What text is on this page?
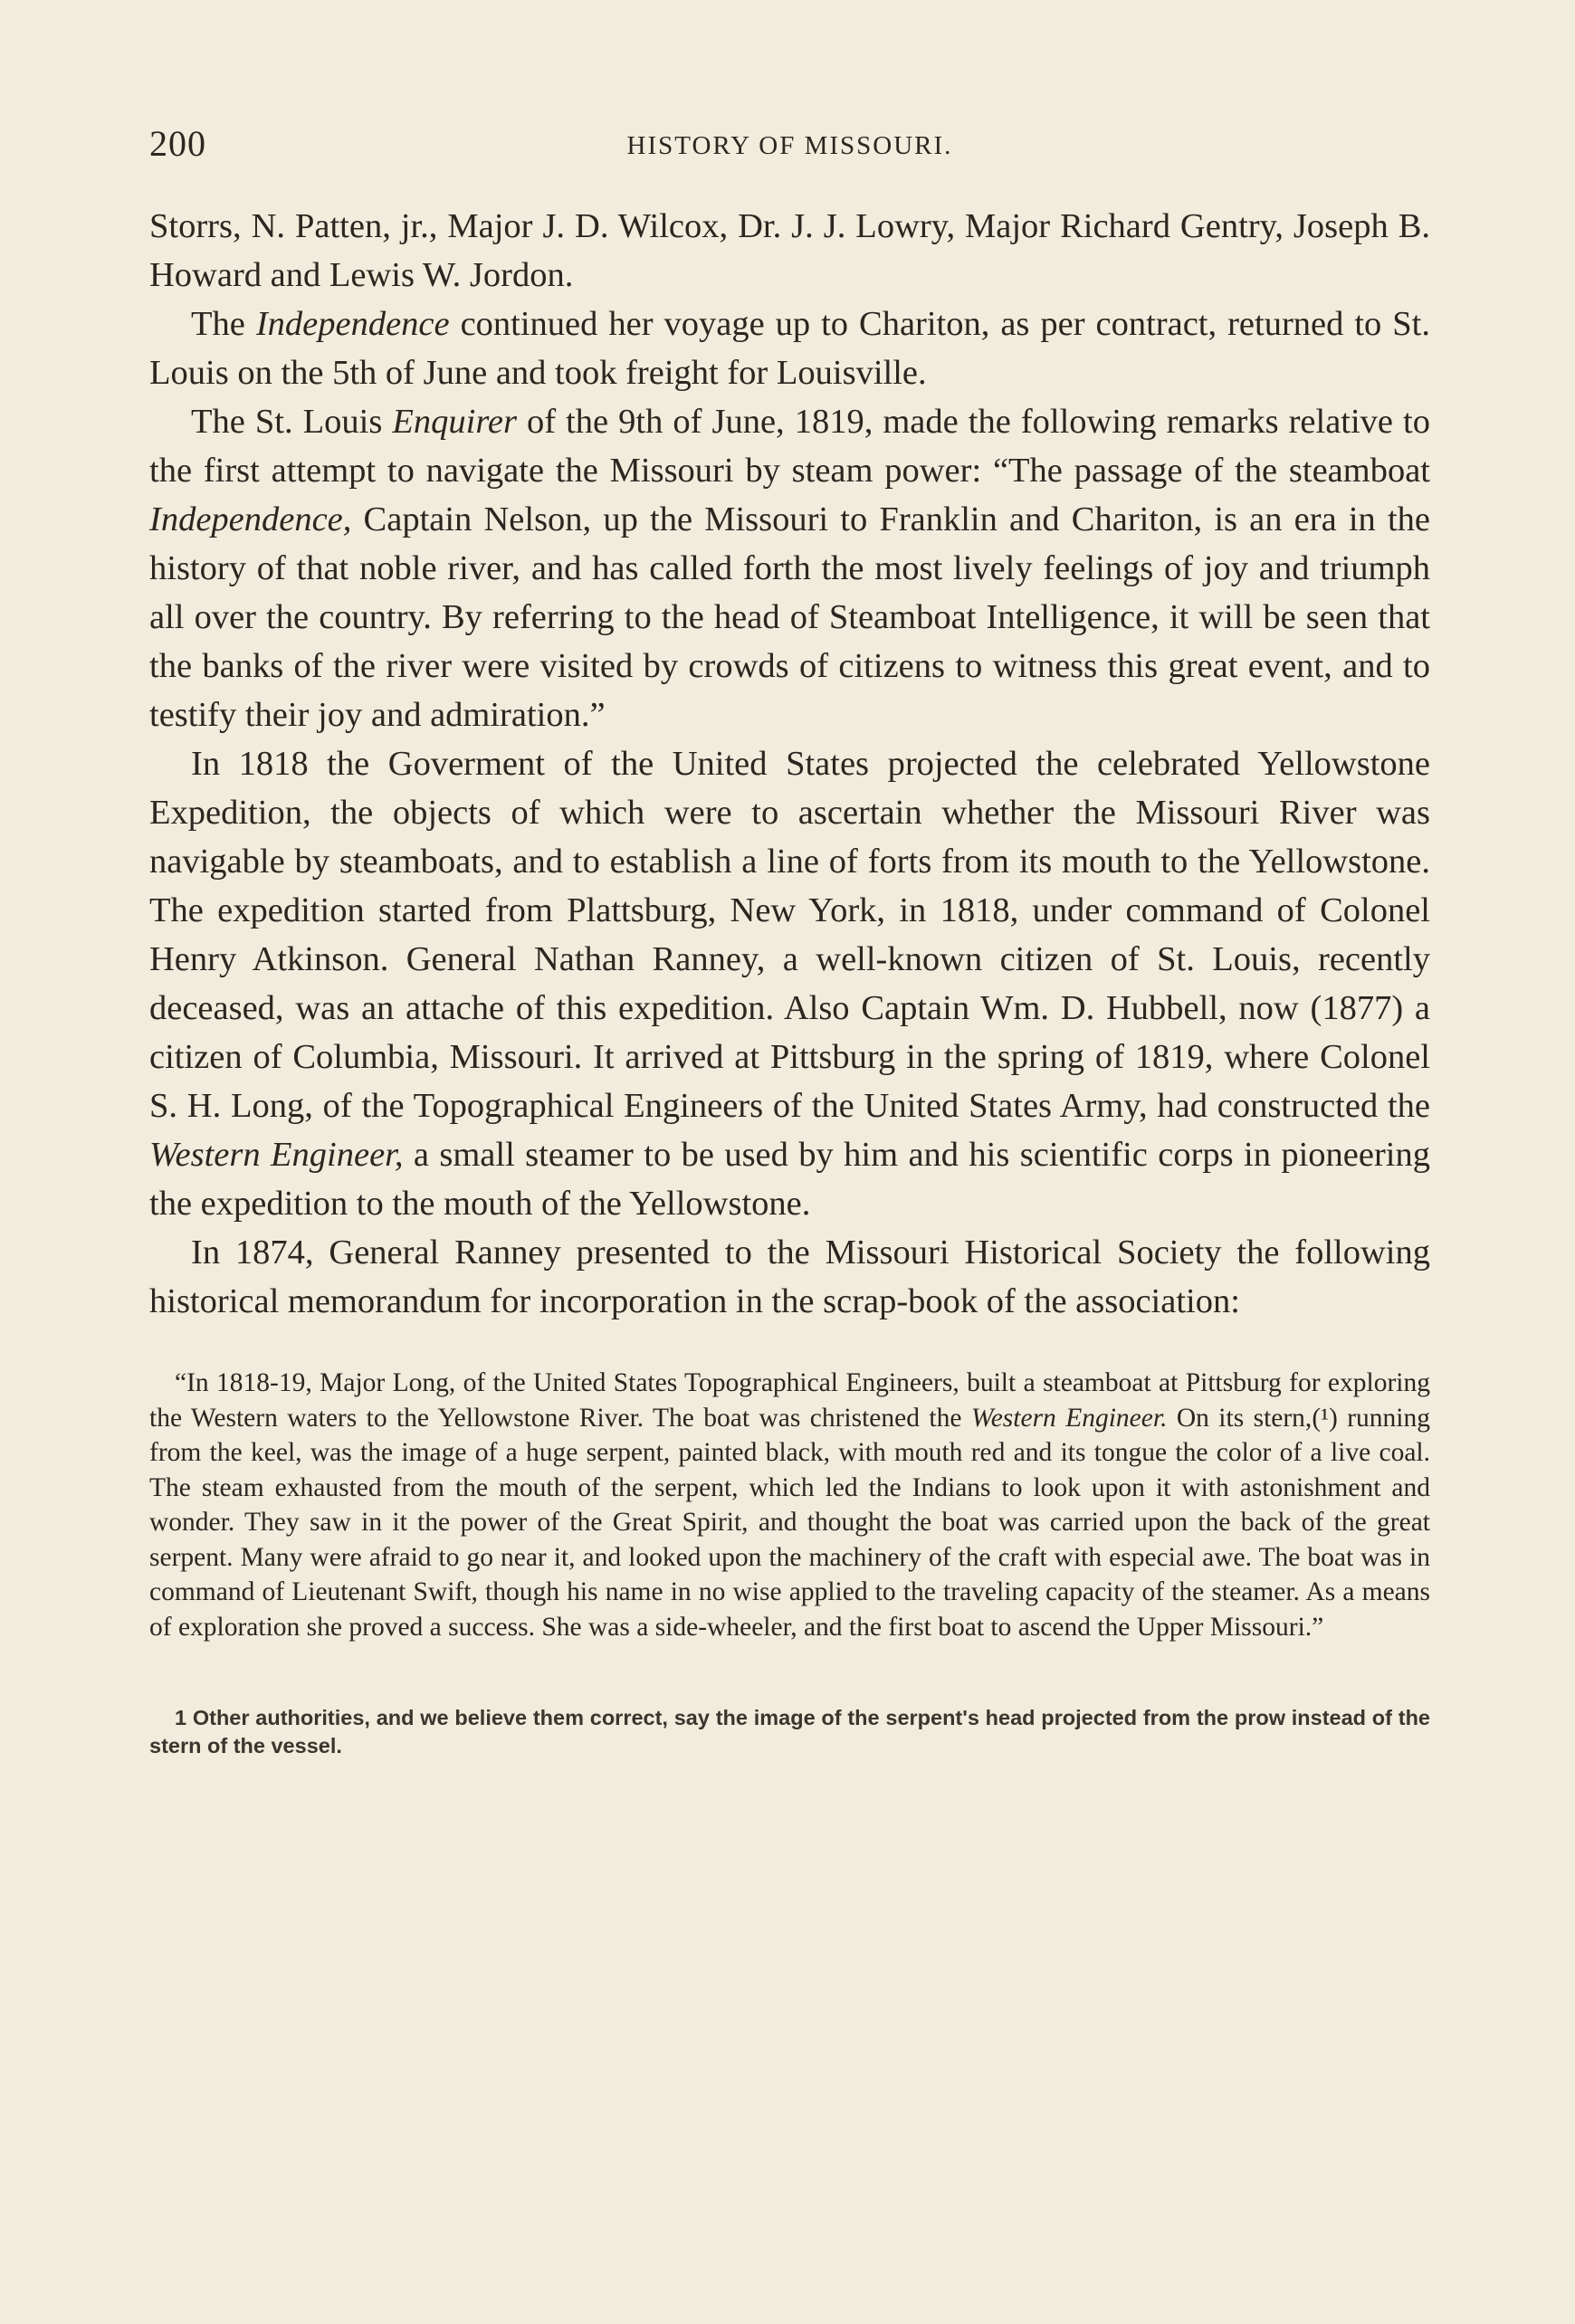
200	HISTORY OF MISSOURI.

Storrs, N. Patten, jr., Major J. D. Wilcox, Dr. J. J. Lowry, Major Richard Gentry, Joseph B. Howard and Lewis W. Jordon.

The Independence continued her voyage up to Chariton, as per contract, returned to St. Louis on the 5th of June and took freight for Louisville.

The St. Louis Enquirer of the 9th of June, 1819, made the following remarks relative to the first attempt to navigate the Missouri by steam power: “The passage of the steamboat Independence, Captain Nelson, up the Missouri to Franklin and Chariton, is an era in the history of that noble river, and has called forth the most lively feelings of joy and triumph all over the country. By referring to the head of Steamboat Intelligence, it will be seen that the banks of the river were visited by crowds of citizens to witness this great event, and to testify their joy and admiration.”

In 1818 the Goverment of the United States projected the celebrated Yellowstone Expedition, the objects of which were to ascertain whether the Missouri River was navigable by steamboats, and to establish a line of forts from its mouth to the Yellowstone. The expedition started from Plattsburg, New York, in 1818, under command of Colonel Henry Atkinson. General Nathan Ranney, a well-known citizen of St. Louis, recently deceased, was an attache of this expedition. Also Captain Wm. D. Hubbell, now (1877) a citizen of Columbia, Missouri. It arrived at Pittsburg in the spring of 1819, where Colonel S. H. Long, of the Topographical Engineers of the United States Army, had constructed the Western Engineer, a small steamer to be used by him and his scientific corps in pioneering the expedition to the mouth of the Yellowstone.

In 1874, General Ranney presented to the Missouri Historical Society the following historical memorandum for incorporation in the scrap-book of the association:

“In 1818-19, Major Long, of the United States Topographical Engineers, built a steamboat at Pittsburg for exploring the Western waters to the Yellowstone River. The boat was christened the Western Engineer. On its stern,(¹) running from the keel, was the image of a huge serpent, painted black, with mouth red and its tongue the color of a live coal. The steam exhausted from the mouth of the serpent, which led the Indians to look upon it with astonishment and wonder. They saw in it the power of the Great Spirit, and thought the boat was carried upon the back of the great serpent. Many were afraid to go near it, and looked upon the machinery of the craft with especial awe. The boat was in command of Lieutenant Swift, though his name in no wise applied to the traveling capacity of the steamer. As a means of exploration she proved a success. She was a side-wheeler, and the first boat to ascend the Upper Missouri.”
1 Other authorities, and we believe them correct, say the image of the serpent's head projected from the prow instead of the stern of the vessel.
